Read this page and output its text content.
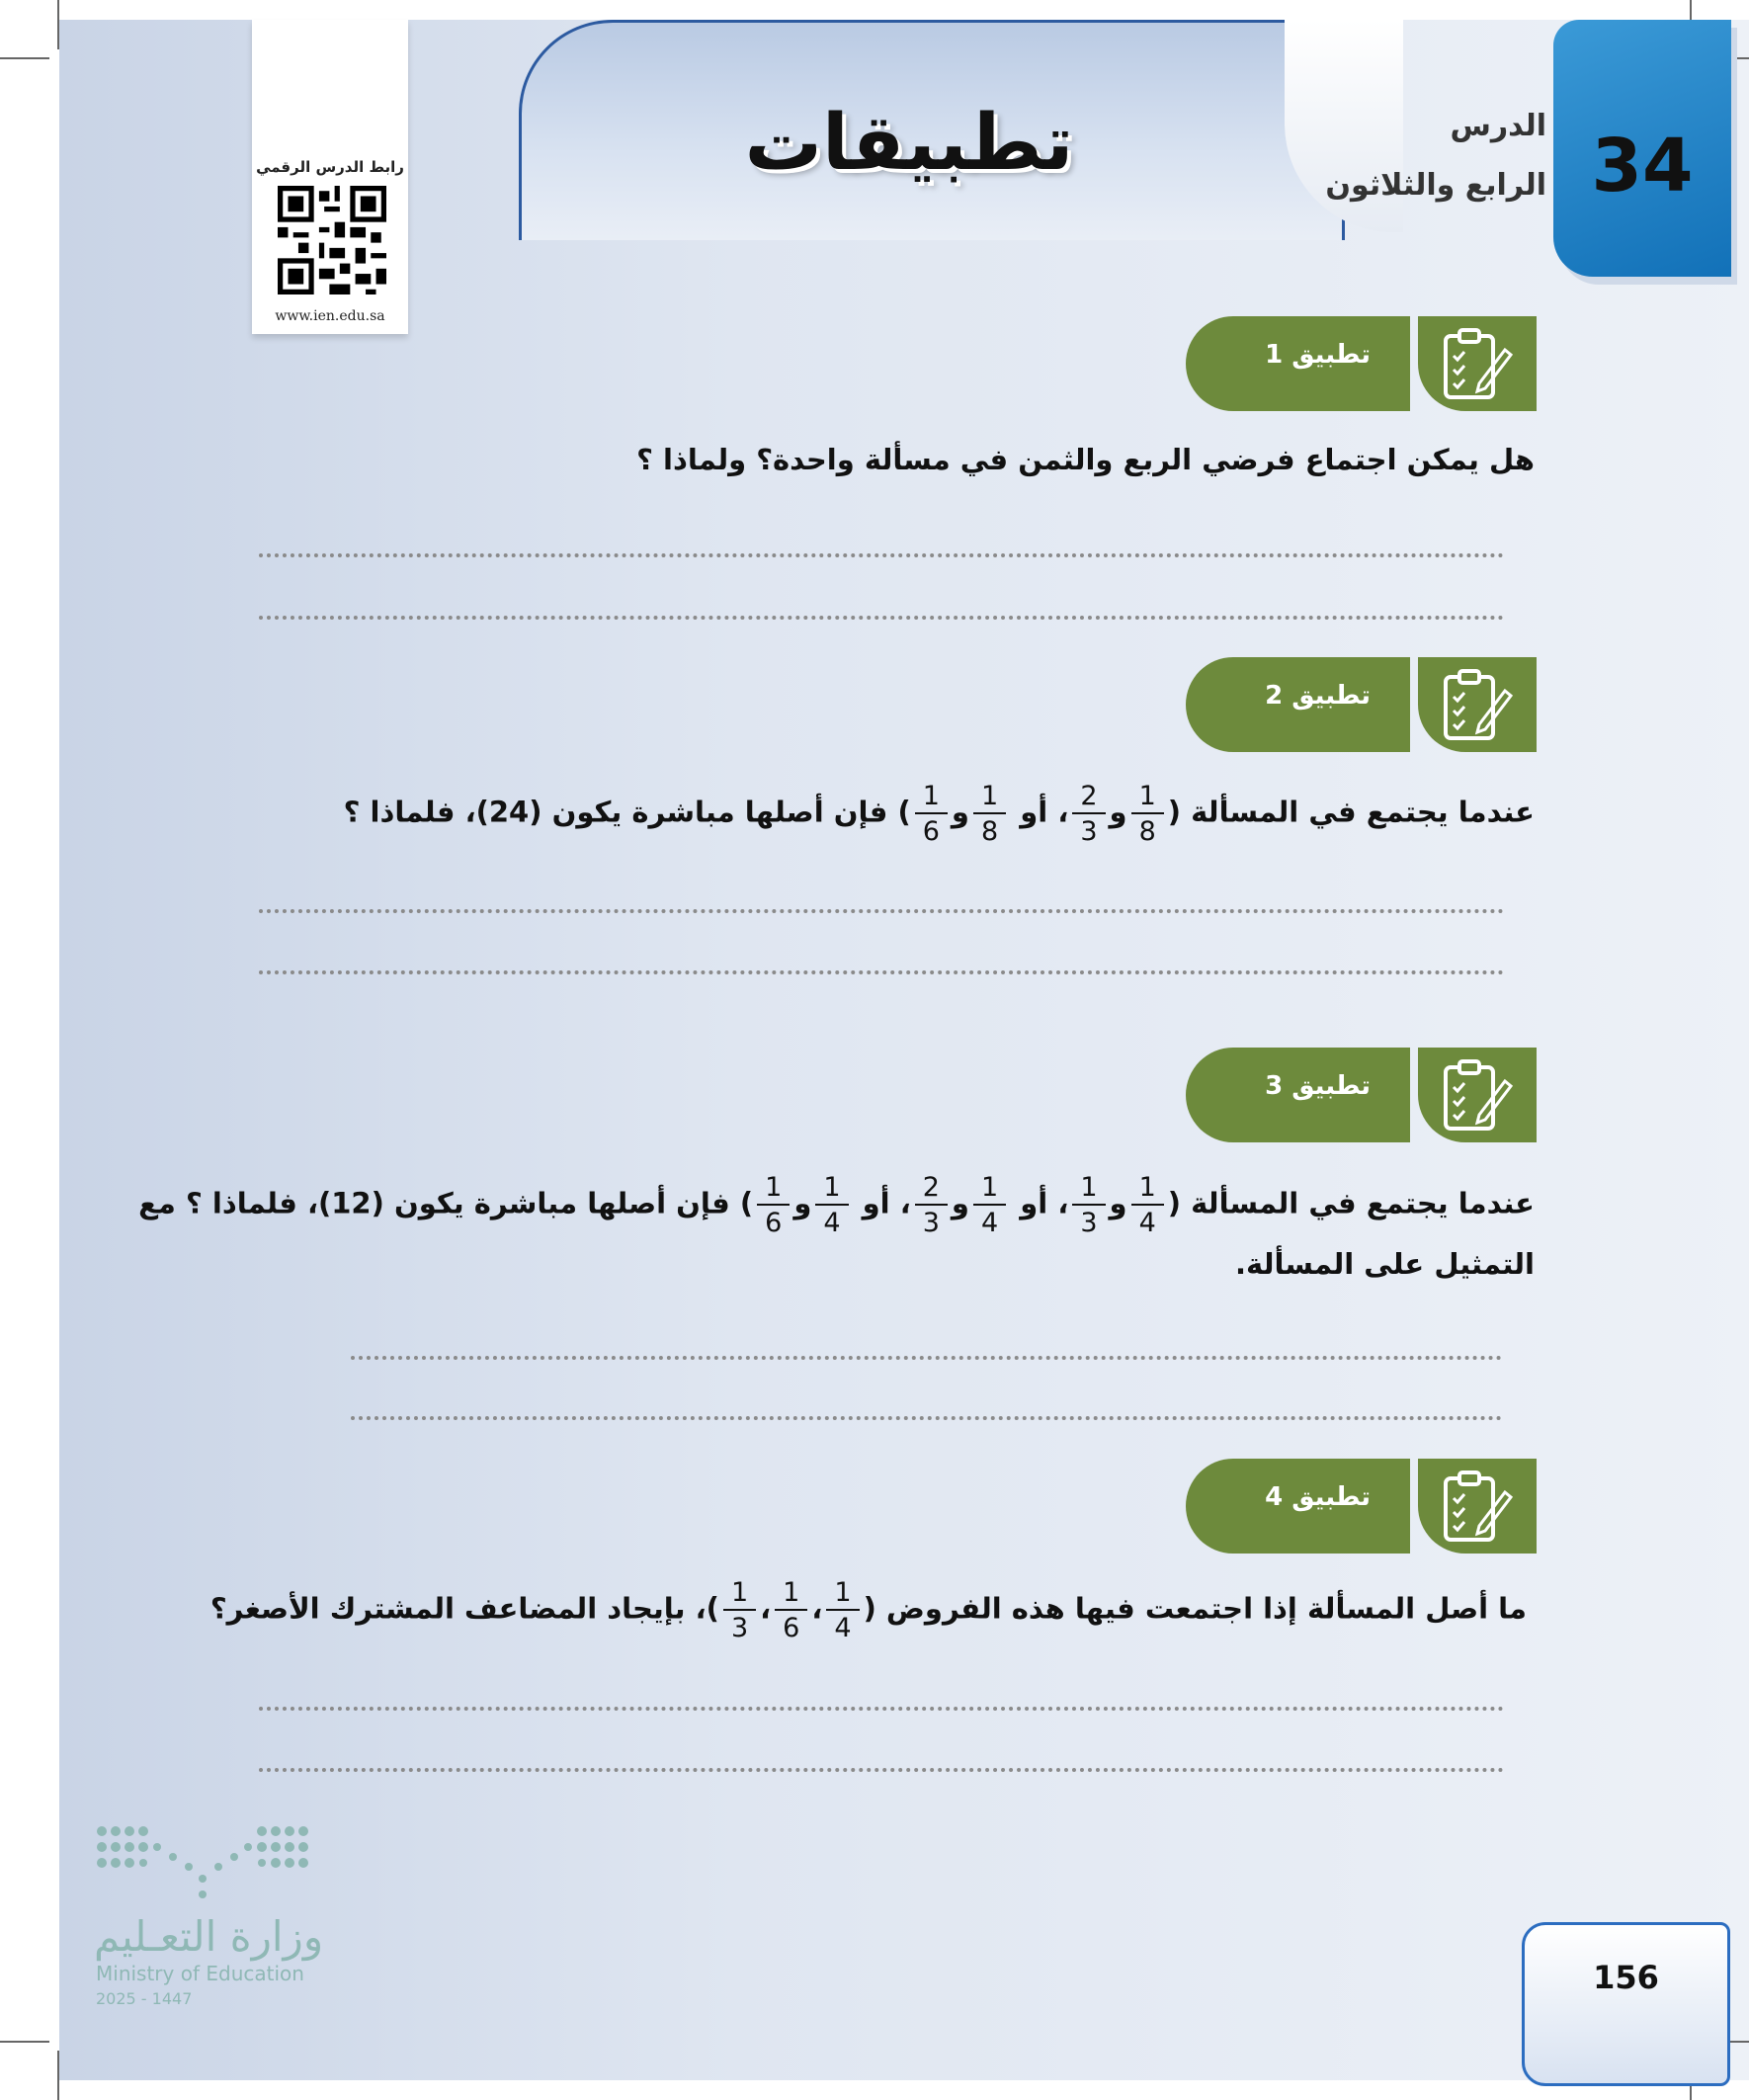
تطبيقات	الدرس
الرابع والثلاثون 34
رابط الدرس الرقمي
www.ien.edu.sa
تطبيق 1
هل يمكن اجتماع فرضي الربع والثمن في مسألة واحدة؟ ولماذا ؟
تطبيق 2
عندما يجتمع في المسألة (
$\frac{1}{8}$
و
$\frac{2}{3}$
، أو
$\frac{1}{8}$
و
$\frac{1}{6}$
) فإن أصلها مباشرة يكون (24)، فلماذا ؟
تطبيق 3
عندما يجتمع في المسألة (
$\frac{1}{4}$
و
$\frac{1}{3}$
، أو
$\frac{1}{4}$
و
$\frac{2}{3}$
، أو
$\frac{1}{4}$
و
$\frac{1}{6}$
) فإن أصلها مباشرة يكون (12)، فلماذا ؟ مع
التمثيل على المسألة.
تطبيق 4
ما أصل المسألة إذا اجتمعت فيها هذه الفروض (
$\frac{1}{4}$
،
$\frac{1}{6}$
،
$\frac{1}{3}$
)، بإيجاد المضاعف المشترك الأصغر؟
وزارة التعـليم
Ministry of Education
2025 - 1447
156
